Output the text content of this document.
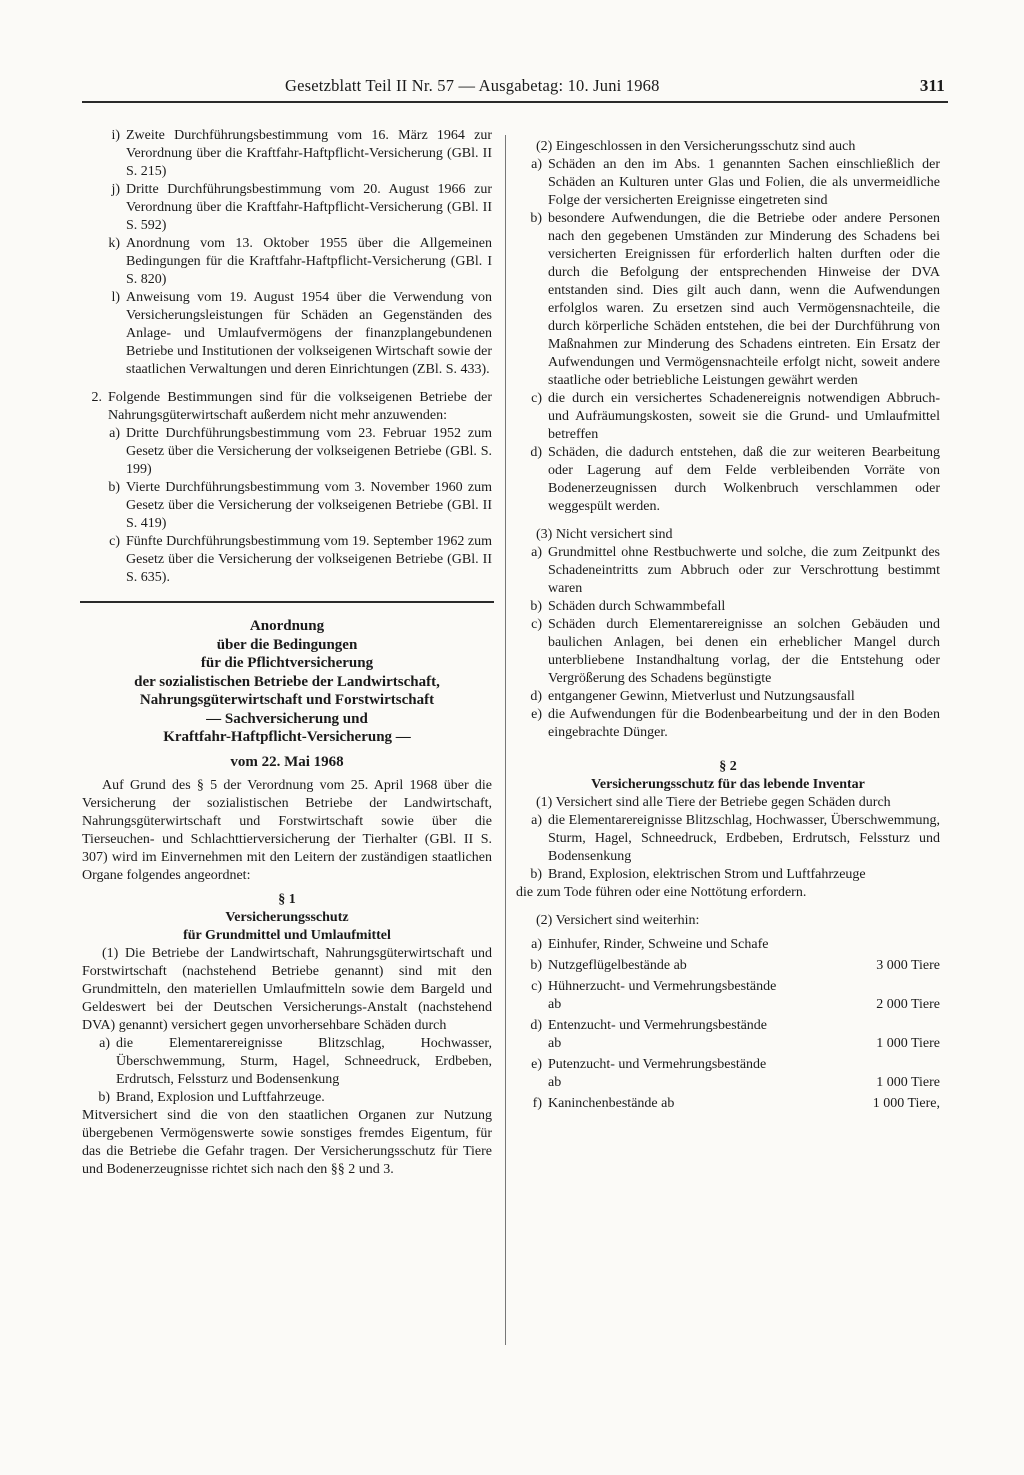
Gesetzblatt Teil II Nr. 57 — Ausgabetag: 10. Juni 1968	311
i) Zweite Durchführungsbestimmung vom 16. März 1964 zur Verordnung über die Kraftfahr-Haftpflicht-Versicherung (GBl. II S. 215)
j) Dritte Durchführungsbestimmung vom 20. August 1966 zur Verordnung über die Kraftfahr-Haftpflicht-Versicherung (GBl. II S. 592)
k) Anordnung vom 13. Oktober 1955 über die Allgemeinen Bedingungen für die Kraftfahr-Haftpflicht-Versicherung (GBl. I S. 820)
l) Anweisung vom 19. August 1954 über die Verwendung von Versicherungsleistungen für Schäden an Gegenständen des Anlage- und Umlaufvermögens der finanzplangebundenen Betriebe und Institutionen der volkseigenen Wirtschaft sowie der staatlichen Verwaltungen und deren Einrichtungen (ZBl. S. 433).
2. Folgende Bestimmungen sind für die volkseigenen Betriebe der Nahrungsgüterwirtschaft außerdem nicht mehr anzuwenden:
a) Dritte Durchführungsbestimmung vom 23. Februar 1952 zum Gesetz über die Versicherung der volkseigenen Betriebe (GBl. S. 199)
b) Vierte Durchführungsbestimmung vom 3. November 1960 zum Gesetz über die Versicherung der volkseigenen Betriebe (GBl. II S. 419)
c) Fünfte Durchführungsbestimmung vom 19. September 1962 zum Gesetz über die Versicherung der volkseigenen Betriebe (GBl. II S. 635).
Anordnung
über die Bedingungen
für die Pflichtversicherung
der sozialistischen Betriebe der Landwirtschaft,
Nahrungsgüterwirtschaft und Forstwirtschaft
— Sachversicherung und
Kraftfahr-Haftpflicht-Versicherung —
vom 22. Mai 1968

Auf Grund des § 5 der Verordnung vom 25. April 1968 über die Versicherung der sozialistischen Betriebe der Landwirtschaft, Nahrungsgüterwirtschaft und Forstwirtschaft sowie über die Tierseuchen- und Schlachttierversicherung der Tierhalter (GBl. II S. 307) wird im Einvernehmen mit den Leitern der zuständigen staatlichen Organe folgendes angeordnet:

§ 1
Versicherungsschutz
für Grundmittel und Umlaufmittel

(1) Die Betriebe der Landwirtschaft, Nahrungsgüterwirtschaft und Forstwirtschaft (nachstehend Betriebe genannt) sind mit den Grundmitteln, den materiellen Umlaufmitteln sowie dem Bargeld und Geldeswert bei der Deutschen Versicherungs-Anstalt (nachstehend DVA) genannt) versichert gegen unvorhersehbare Schäden durch

a) die Elementarereignisse Blitzschlag, Hochwasser, Überschwemmung, Sturm, Hagel, Schneedruck, Erdbeben, Erdrutsch, Felssturz und Bodensenkung
b) Brand, Explosion und Luftfahrzeuge.

Mitversichert sind die von den staatlichen Organen zur Nutzung übergebenen Vermögenswerte sowie sonstiges fremdes Eigentum, für das die Betriebe die Gefahr tragen. Der Versicherungsschutz für Tiere und Bodenerzeugnisse richtet sich nach den §§ 2 und 3.

(2) Eingeschlossen in den Versicherungsschutz sind auch

a) Schäden an den im Abs. 1 genannten Sachen einschließlich der Schäden an Kulturen unter Glas und Folien, die als unvermeidliche Folge der versicherten Ereignisse eingetreten sind
b) besondere Aufwendungen, die die Betriebe oder andere Personen nach den gegebenen Umständen zur Minderung des Schadens bei versicherten Ereignissen für erforderlich halten durften oder die durch die Befolgung der entsprechenden Hinweise der DVA entstanden sind. Dies gilt auch dann, wenn die Aufwendungen erfolglos waren. Zu ersetzen sind auch Vermögensnachteile, die durch körperliche Schäden entstehen, die bei der Durchführung von Maßnahmen zur Minderung des Schadens eintreten. Ein Ersatz der Aufwendungen und Vermögensnachteile erfolgt nicht, soweit andere staatliche oder betriebliche Leistungen gewährt werden
c) die durch ein versichertes Schadenereignis notwendigen Abbruch- und Aufräumungskosten, soweit sie die Grund- und Umlaufmittel betreffen
d) Schäden, die dadurch entstehen, daß die zur weiteren Bearbeitung oder Lagerung auf dem Felde verbleibenden Vorräte von Bodenerzeugnissen durch Wolkenbruch verschlammen oder weggespült werden.

(3) Nicht versichert sind

a) Grundmittel ohne Restbuchwerte und solche, die zum Zeitpunkt des Schadeneintritts zum Abbruch oder zur Verschrottung bestimmt waren
b) Schäden durch Schwammbefall
c) Schäden durch Elementarereignisse an solchen Gebäuden und baulichen Anlagen, bei denen ein erheblicher Mangel durch unterbliebene Instandhaltung vorlag, der die Entstehung oder Vergrößerung des Schadens begünstigte
d) entgangener Gewinn, Mietverlust und Nutzungsausfall
e) die Aufwendungen für die Bodenbearbeitung und der in den Boden eingebrachte Dünger.
§ 2
Versicherungsschutz für das lebende Inventar

(1) Versichert sind alle Tiere der Betriebe gegen Schäden durch

a) die Elementarereignisse Blitzschlag, Hochwasser, Überschwemmung, Sturm, Hagel, Schneedruck, Erdbeben, Erdrutsch, Felssturz und Bodensenkung
b) Brand, Explosion, elektrischen Strom und Luftfahrzeuge

die zum Tode führen oder eine Nottötung erfordern.

(2) Versichert sind weiterhin:

a) Einhufer, Rinder, Schweine und Schafe
b) Nutzgeflügelbestände ab	3 000 Tiere
c) Hühnerzucht- und Vermehrungsbestände ab	2 000 Tiere
d) Entenzucht- und Vermehrungsbestände ab	1 000 Tiere
e) Putenzucht- und Vermehrungsbestände ab	1 000 Tiere
f) Kaninchenbestände ab	1 000 Tiere,
